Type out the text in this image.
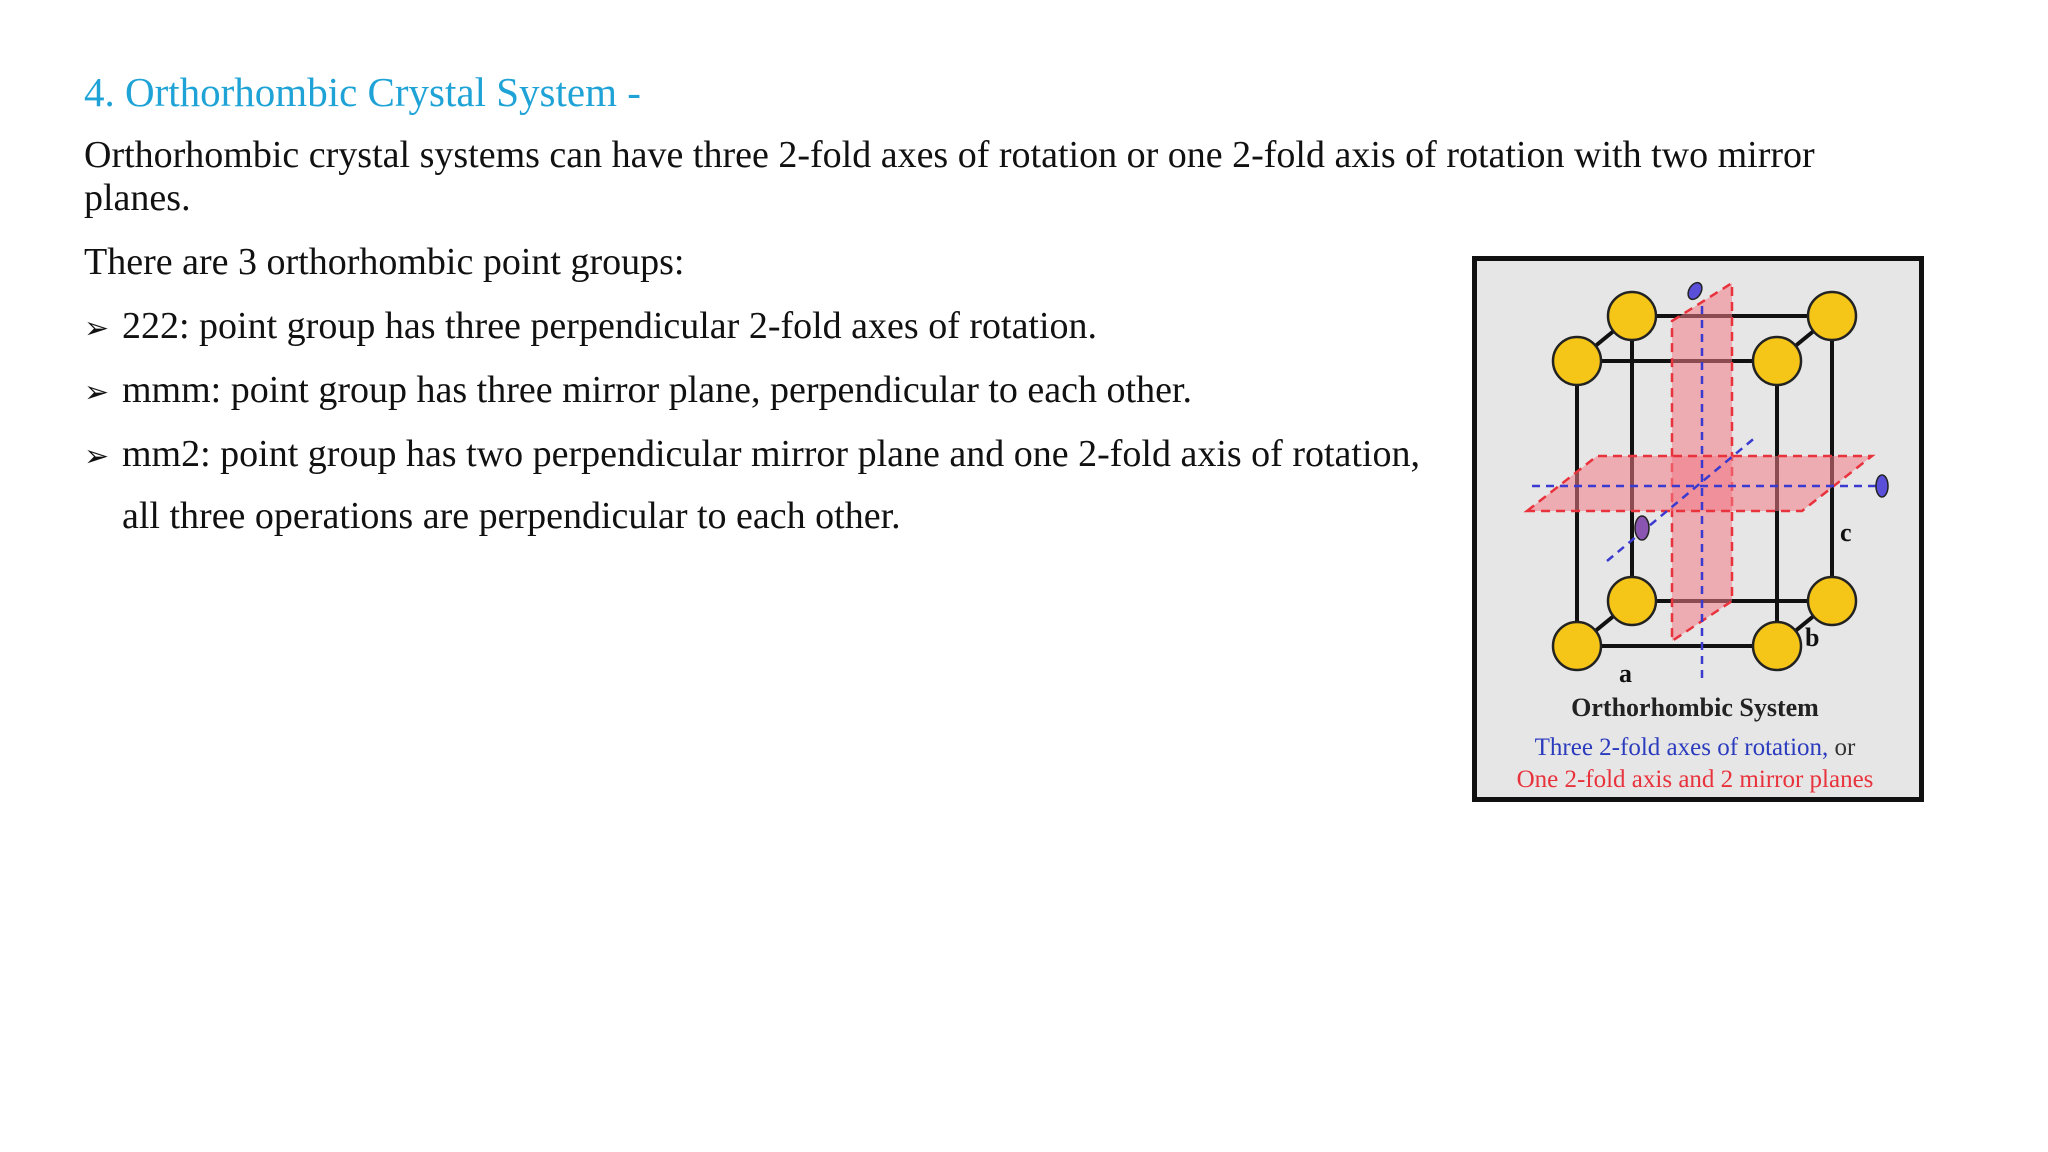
4. Orthorhombic Crystal System -
Orthorhombic crystal systems can have three 2-fold axes of rotation or one 2-fold axis of rotation with two mirror planes.
There are 3 orthorhombic point groups:
➢ 222: point group has three perpendicular 2-fold axes of rotation.
➢ mmm: point group has three mirror plane, perpendicular to each other.
➢ mm2: point group has two perpendicular mirror plane and one 2-fold axis of rotation,
all three operations are perpendicular to each other.
a
b
c
Orthorhombic System
Three 2-fold axes of rotation, or
One 2-fold axis and 2 mirror planes
